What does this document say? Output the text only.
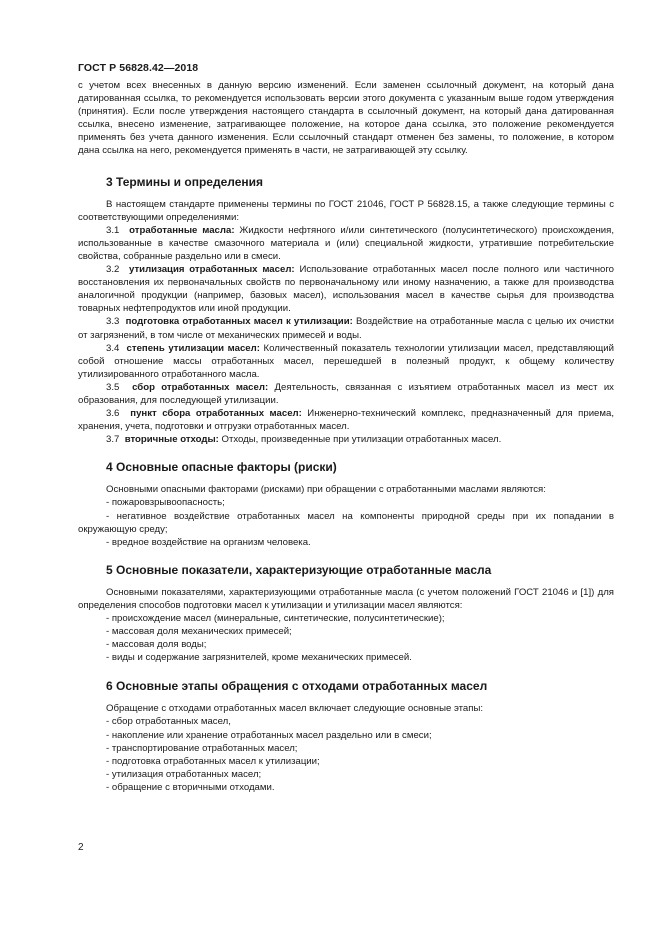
ГОСТ Р 56828.42—2018

с учетом всех внесенных в данную версию изменений. Если заменен ссылочный документ, на который дана датированная ссылка, то рекомендуется использовать версии этого документа с указанным выше годом утверждения (принятия). Если после утверждения настоящего стандарта в ссылочный документ, на который дана датированная ссылка, внесено изменение, затрагивающее положение, на которое дана ссылка, это положение рекомендуется применять без учета данного изменения. Если ссылочный стандарт отменен без замены, то положение, в котором дана ссылка на него, рекомендуется применять в части, не затрагивающей эту ссылку.

3 Термины и определения

В настоящем стандарте применены термины по ГОСТ 21046, ГОСТ Р 56828.15, а также следующие термины с соответствующими определениями:

3.1 отработанные масла: Жидкости нефтяного и/или синтетического (полусинтетического) происхождения, использованные в качестве смазочного материала и (или) специальной жидкости, утратившие потребительские свойства, собранные раздельно или в смеси.

3.2 утилизация отработанных масел: Использование отработанных масел после полного или частичного восстановления их первоначальных свойств по первоначальному или иному назначению, а также для производства аналогичной продукции (например, базовых масел), использования масел в качестве сырья для производства товарных нефтепродуктов или иной продукции.

3.3 подготовка отработанных масел к утилизации: Воздействие на отработанные масла с целью их очистки от загрязнений, в том числе от механических примесей и воды.

3.4 степень утилизации масел: Количественный показатель технологии утилизации масел, представляющий собой отношение массы отработанных масел, перешедшей в полезный продукт, к общему количеству утилизированного отработанного масла.

3.5 сбор отработанных масел: Деятельность, связанная с изъятием отработанных масел из мест их образования, для последующей утилизации.

3.6 пункт сбора отработанных масел: Инженерно-технический комплекс, предназначенный для приема, хранения, учета, подготовки и отгрузки отработанных масел.

3.7 вторичные отходы: Отходы, произведенные при утилизации отработанных масел.

4 Основные опасные факторы (риски)

Основными опасными факторами (рисками) при обращении с отработанными маслами являются:

- пожаровзрывоопасность;

- негативное воздействие отработанных масел на компоненты природной среды при их попадании в окружающую среду;

- вредное воздействие на организм человека.

5 Основные показатели, характеризующие отработанные масла

Основными показателями, характеризующими отработанные масла (с учетом положений ГОСТ 21046 и [1]) для определения способов подготовки масел к утилизации и утилизации масел являются:

- происхождение масел (минеральные, синтетические, полусинтетические);

- массовая доля механических примесей;

- массовая доля воды;

- виды и содержание загрязнителей, кроме механических примесей.

6 Основные этапы обращения с отходами отработанных масел

Обращение с отходами отработанных масел включает следующие основные этапы:

- сбор отработанных масел,

- накопление или хранение отработанных масел раздельно или в смеси;

- транспортирование отработанных масел;

- подготовка отработанных масел к утилизации;

- утилизация отработанных масел;

- обращение с вторичными отходами.

2
